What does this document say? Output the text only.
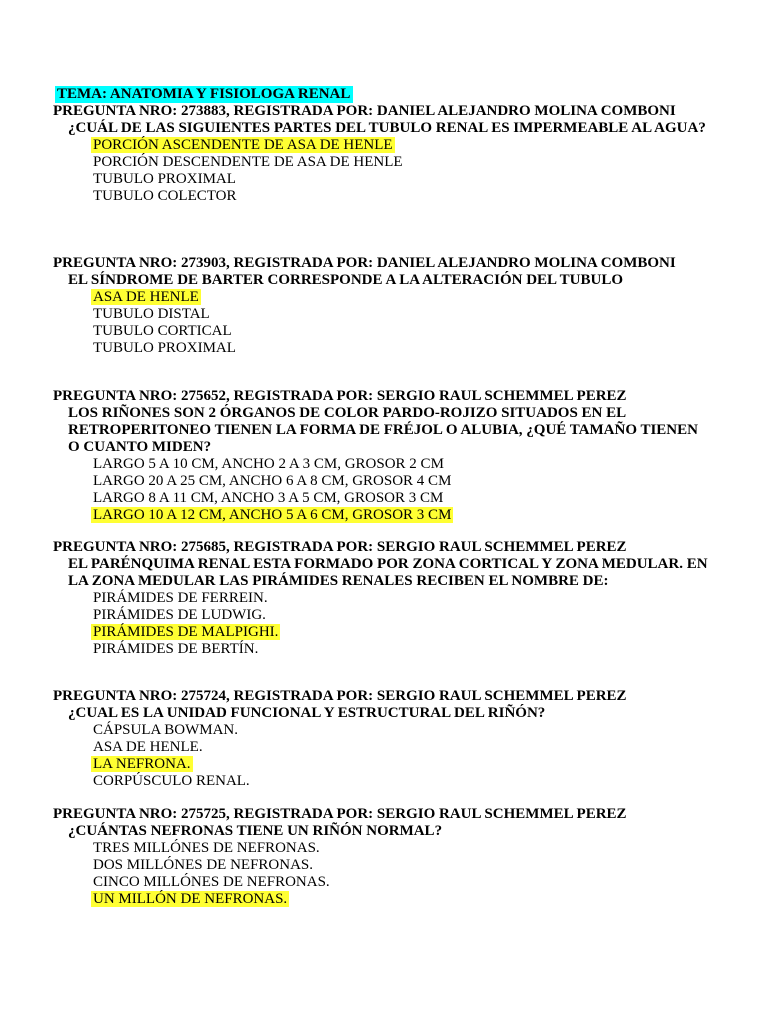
TEMA: ANATOMIA Y FISIOLOGA RENAL

PREGUNTA NRO: 273883, REGISTRADA POR: DANIEL ALEJANDRO MOLINA COMBONI

¿CUÁL DE LAS SIGUIENTES PARTES DEL TUBULO RENAL ES IMPERMEABLE AL AGUA?

PORCIÓN ASCENDENTE DE ASA DE HENLE
PORCIÓN DESCENDENTE DE ASA DE HENLE
TUBULO PROXIMAL
TUBULO COLECTOR

PREGUNTA NRO: 273903, REGISTRADA POR: DANIEL ALEJANDRO MOLINA COMBONI

EL SÍNDROME DE BARTER CORRESPONDE A LA ALTERACIÓN DEL TUBULO

ASA DE HENLE
TUBULO DISTAL
TUBULO CORTICAL
TUBULO PROXIMAL

PREGUNTA NRO: 275652, REGISTRADA POR: SERGIO RAUL SCHEMMEL PEREZ

LOS RIÑONES SON 2 ÓRGANOS DE COLOR PARDO-ROJIZO SITUADOS EN EL RETROPERITONEO TIENEN LA FORMA DE FRÉJOL O ALUBIA, ¿QUÉ TAMAÑO TIENEN O CUANTO MIDEN?

LARGO 5 A 10 CM, ANCHO 2 A 3 CM, GROSOR 2 CM
LARGO 20 A 25 CM, ANCHO 6 A 8 CM, GROSOR 4 CM
LARGO 8 A 11 CM, ANCHO 3 A 5 CM, GROSOR 3 CM
LARGO 10 A 12 CM, ANCHO 5 A 6 CM, GROSOR 3 CM

PREGUNTA NRO: 275685, REGISTRADA POR: SERGIO RAUL SCHEMMEL PEREZ

EL PARÉNQUIMA RENAL ESTA FORMADO POR ZONA CORTICAL Y ZONA MEDULAR. EN LA ZONA MEDULAR LAS PIRÁMIDES RENALES RECIBEN EL NOMBRE DE:

PIRÁMIDES DE FERREIN.
PIRÁMIDES DE LUDWIG.
PIRÁMIDES DE MALPIGHI.
PIRÁMIDES DE BERTÍN.

PREGUNTA NRO: 275724, REGISTRADA POR: SERGIO RAUL SCHEMMEL PEREZ

¿CUAL ES LA UNIDAD FUNCIONAL Y ESTRUCTURAL DEL RIÑÓN?

CÁPSULA BOWMAN.
ASA DE HENLE.
LA NEFRONA.
CORPÚSCULO RENAL.

PREGUNTA NRO: 275725, REGISTRADA POR: SERGIO RAUL SCHEMMEL PEREZ

¿CUÁNTAS NEFRONAS TIENE UN RIÑÓN NORMAL?

TRES MILLÓNES DE NEFRONAS.
DOS MILLÓNES DE NEFRONAS.
CINCO MILLÓNES DE NEFRONAS.
UN MILLÓN DE NEFRONAS.
